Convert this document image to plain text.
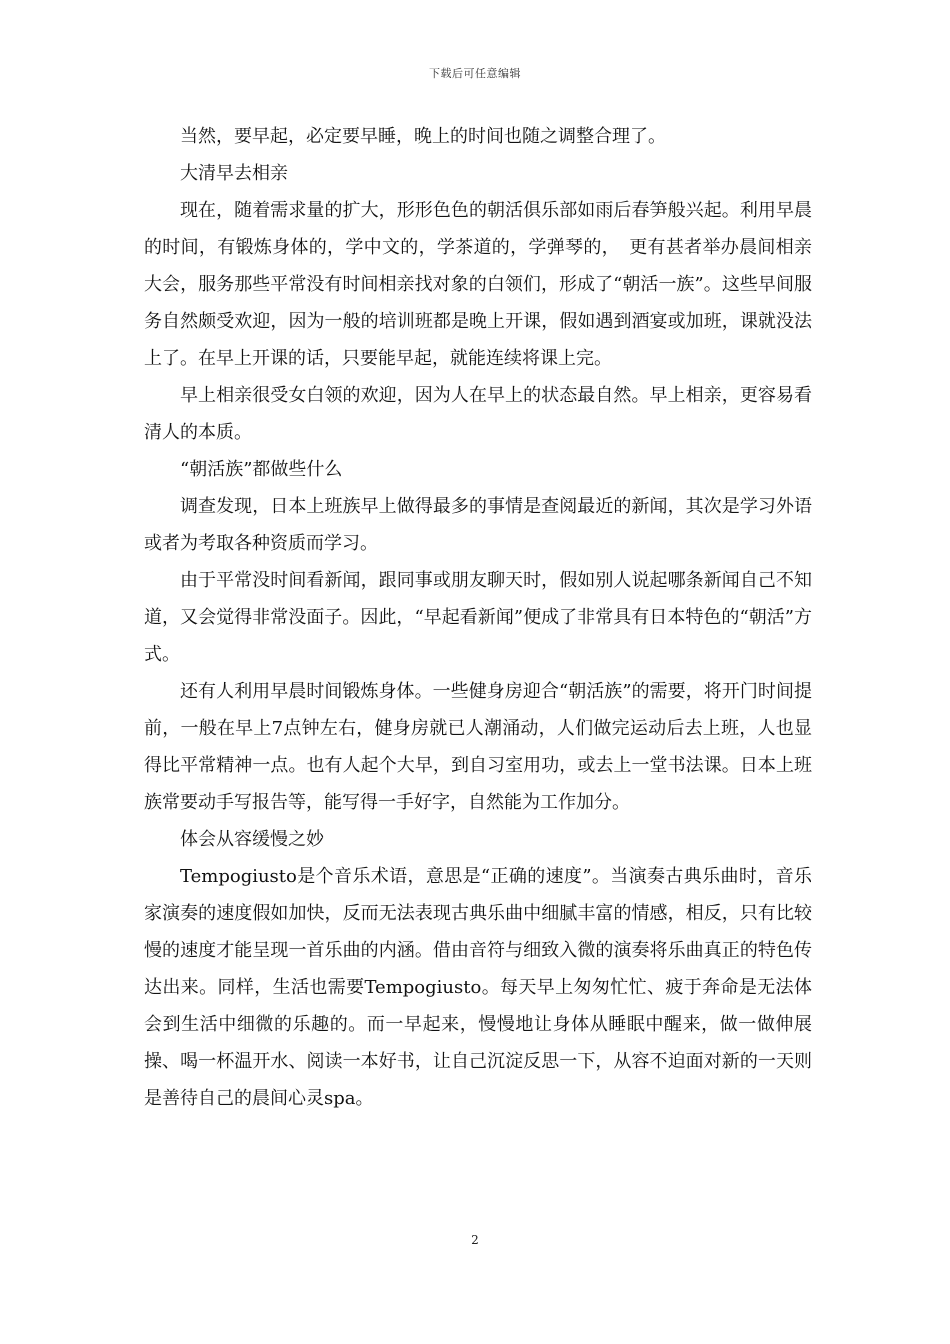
下载后可任意编辑

当然，要早起，必定要早睡，晚上的时间也随之调整合理了。

大清早去相亲

现在，随着需求量的扩大，形形色色的朝活俱乐部如雨后春笋般兴起。利用早晨的时间，有锻炼身体的，学中文的，学茶道的，学弹琴的，　更有甚者举办晨间相亲大会，服务那些平常没有时间相亲找对象的白领们，形成了“朝活一族”。这些早间服务自然颇受欢迎，因为一般的培训班都是晚上开课，假如遇到酒宴或加班，课就没法上了。在早上开课的话，只要能早起，就能连续将课上完。

早上相亲很受女白领的欢迎，因为人在早上的状态最自然。早上相亲，更容易看清人的本质。

“朝活族”都做些什么

调查发现，日本上班族早上做得最多的事情是查阅最近的新闻，其次是学习外语或者为考取各种资质而学习。

由于平常没时间看新闻，跟同事或朋友聊天时，假如别人说起哪条新闻自己不知道，又会觉得非常没面子。因此，“早起看新闻”便成了非常具有日本特色的“朝活”方式。

还有人利用早晨时间锻炼身体。一些健身房迎合“朝活族”的需要，将开门时间提前，一般在早上7点钟左右，健身房就已人潮涌动，人们做完运动后去上班，人也显得比平常精神一点。也有人起个大早，到自习室用功，或去上一堂书法课。日本上班族常要动手写报告等，能写得一手好字，自然能为工作加分。

体会从容缓慢之妙

Tempogiusto是个音乐术语，意思是“正确的速度”。当演奏古典乐曲时，音乐家演奏的速度假如加快，反而无法表现古典乐曲中细腻丰富的情感，相反，只有比较慢的速度才能呈现一首乐曲的内涵。借由音符与细致入微的演奏将乐曲真正的特色传达出来。同样，生活也需要Tempogiusto。每天早上匆匆忙忙、疲于奔命是无法体会到生活中细微的乐趣的。而一早起来，慢慢地让身体从睡眠中醒来，做一做伸展操、喝一杯温开水、阅读一本好书，让自己沉淀反思一下，从容不迫面对新的一天则是善待自己的晨间心灵spa。

2
